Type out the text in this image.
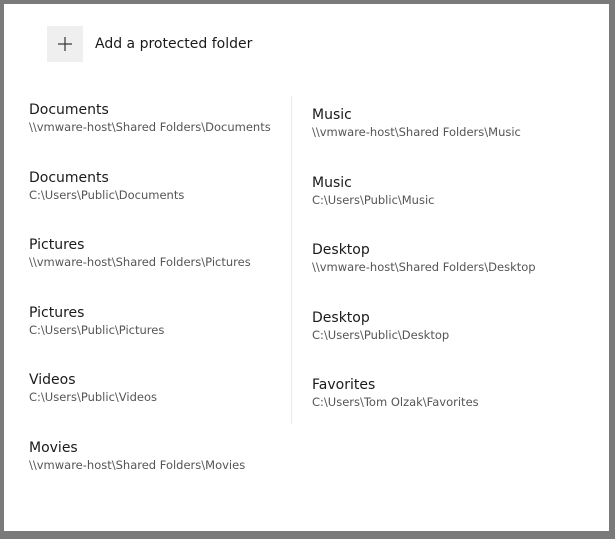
Add a protected folder
Documents
\\vmware-host\Shared Folders\Documents
Documents
C:\Users\Public\Documents
Pictures
\\vmware-host\Shared Folders\Pictures
Pictures
C:\Users\Public\Pictures
Videos
C:\Users\Public\Videos
Movies
\\vmware-host\Shared Folders\Movies
Music
\\vmware-host\Shared Folders\Music
Music
C:\Users\Public\Music
Desktop
\\vmware-host\Shared Folders\Desktop
Desktop
C:\Users\Public\Desktop
Favorites
C:\Users\Tom Olzak\Favorites
